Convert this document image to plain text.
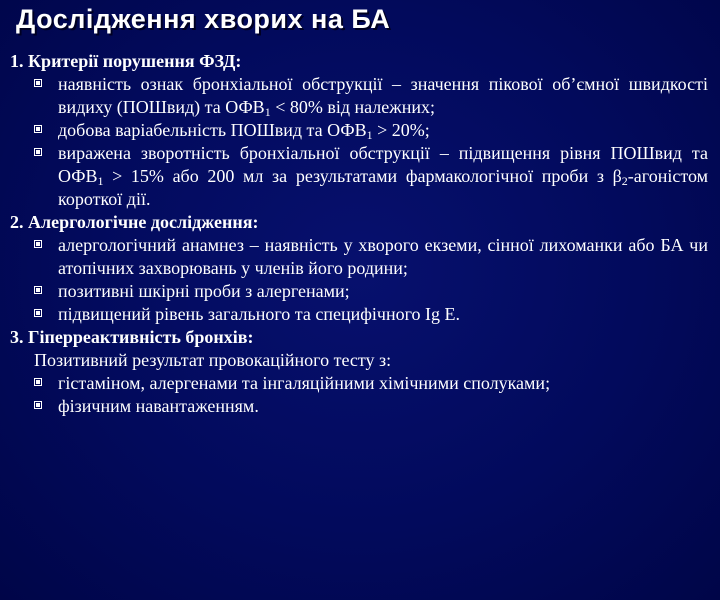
Дослідження хворих на БА

1. Критерії порушення ФЗД:

наявність ознак бронхіальної обструкції – значення пікової об’ємної швидкості видиху (ПОШвид) та $ОФВ_1 < 80\%$ від належних;

добова варіабельність ПОШвид та $ОФВ_1 > 20\%$;

виражена зворотність бронхіальної обструкції – підвищення рівня ПОШвид та $ОФВ_1 > 15\%$ або 200 мл за результатами фармакологічної проби з $\beta_2$-агоністом короткої дії.

2. Алергологічне дослідження:

алергологічний анамнез – наявність у хворого екземи, сінної лихоманки або БА чи атопічних захворювань у членів його родини;

позитивні шкірні проби з алергенами;

підвищений рівень загального та специфічного Ig E.

3. Гіперреактивність бронхів:

Позитивний результат провокаційного тесту з:

гістаміном, алергенами та інгаляційними хімічними сполуками;

фізичним навантаженням.
